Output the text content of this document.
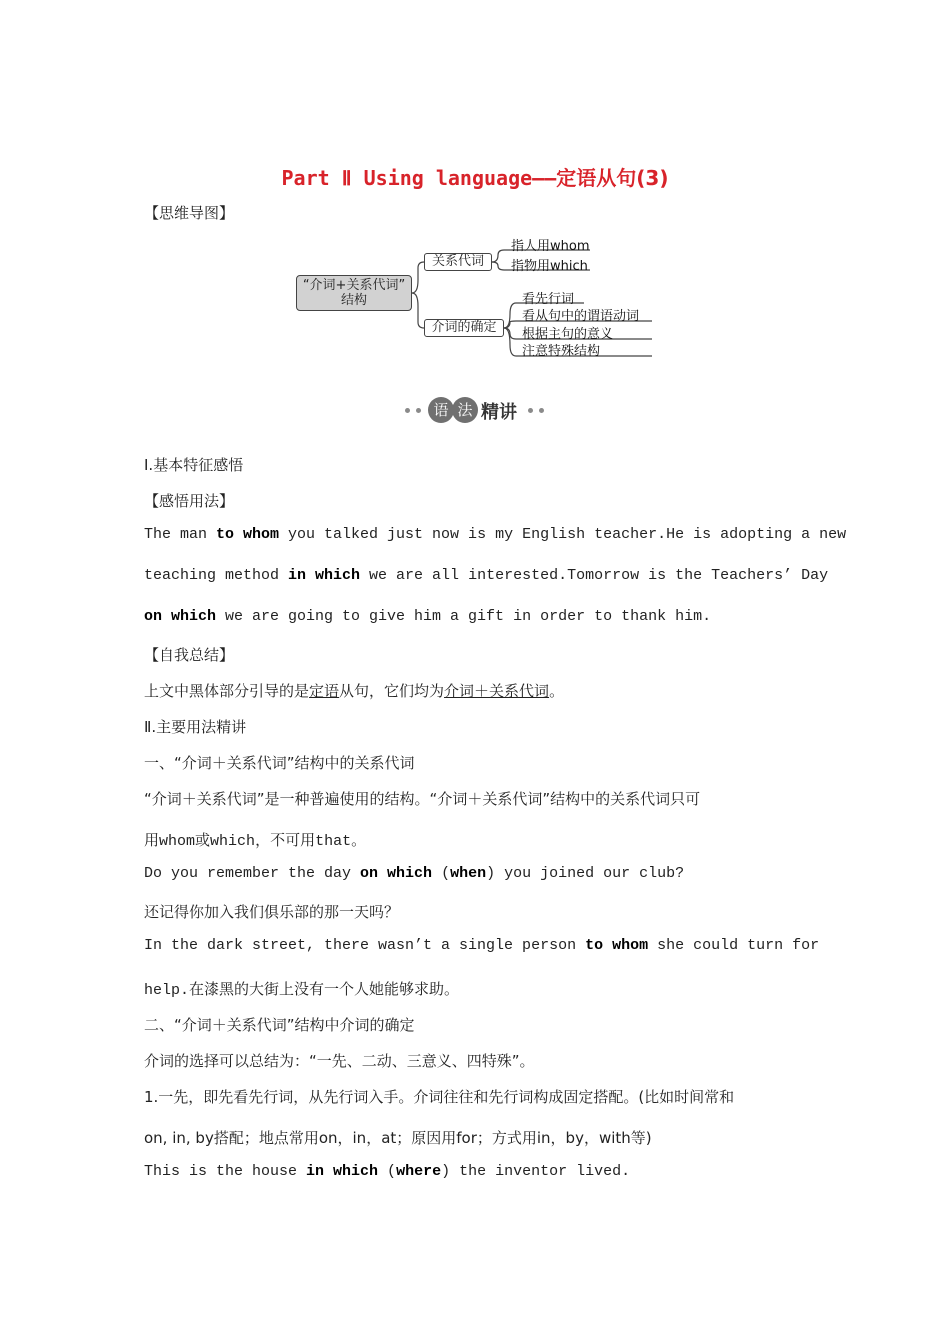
Part Ⅱ Using language——定语从句(3)
【思维导图】
“介词+关系代词”
结构
关系代词
指人用whom
指物用which
介词的确定
看先行词
看从句中的谓语动词
根据主句的意义
注意特殊结构
语 法 精讲
Ⅰ.基本特征感悟
【感悟用法】
The man to whom you talked just now is my English teacher.He is adopting a new
teaching method in which we are all interested.Tomorrow is the Teachers’ Day
on which we are going to give him a gift in order to thank him.
【自我总结】
上文中黑体部分引导的是定语从句，它们均为介词＋关系代词。
Ⅱ.主要用法精讲
一、“介词＋关系代词”结构中的关系代词
“介词＋关系代词”是一种普遍使用的结构。“介词＋关系代词”结构中的关系代词只可
用whom或which，不可用that。
Do you remember the day on which (when) you joined our club?
还记得你加入我们俱乐部的那一天吗？
In the dark street, there wasn’t a single person to whom she could turn for
help.在漆黑的大街上没有一个人她能够求助。
二、“介词＋关系代词”结构中介词的确定
介词的选择可以总结为：“一先、二动、三意义、四特殊”。
1.一先，即先看先行词，从先行词入手。介词往往和先行词构成固定搭配。(比如时间常和
on, in, by搭配；地点常用on，in，at；原因用for；方式用in，by，with等)
This is the house in which (where) the inventor lived.
